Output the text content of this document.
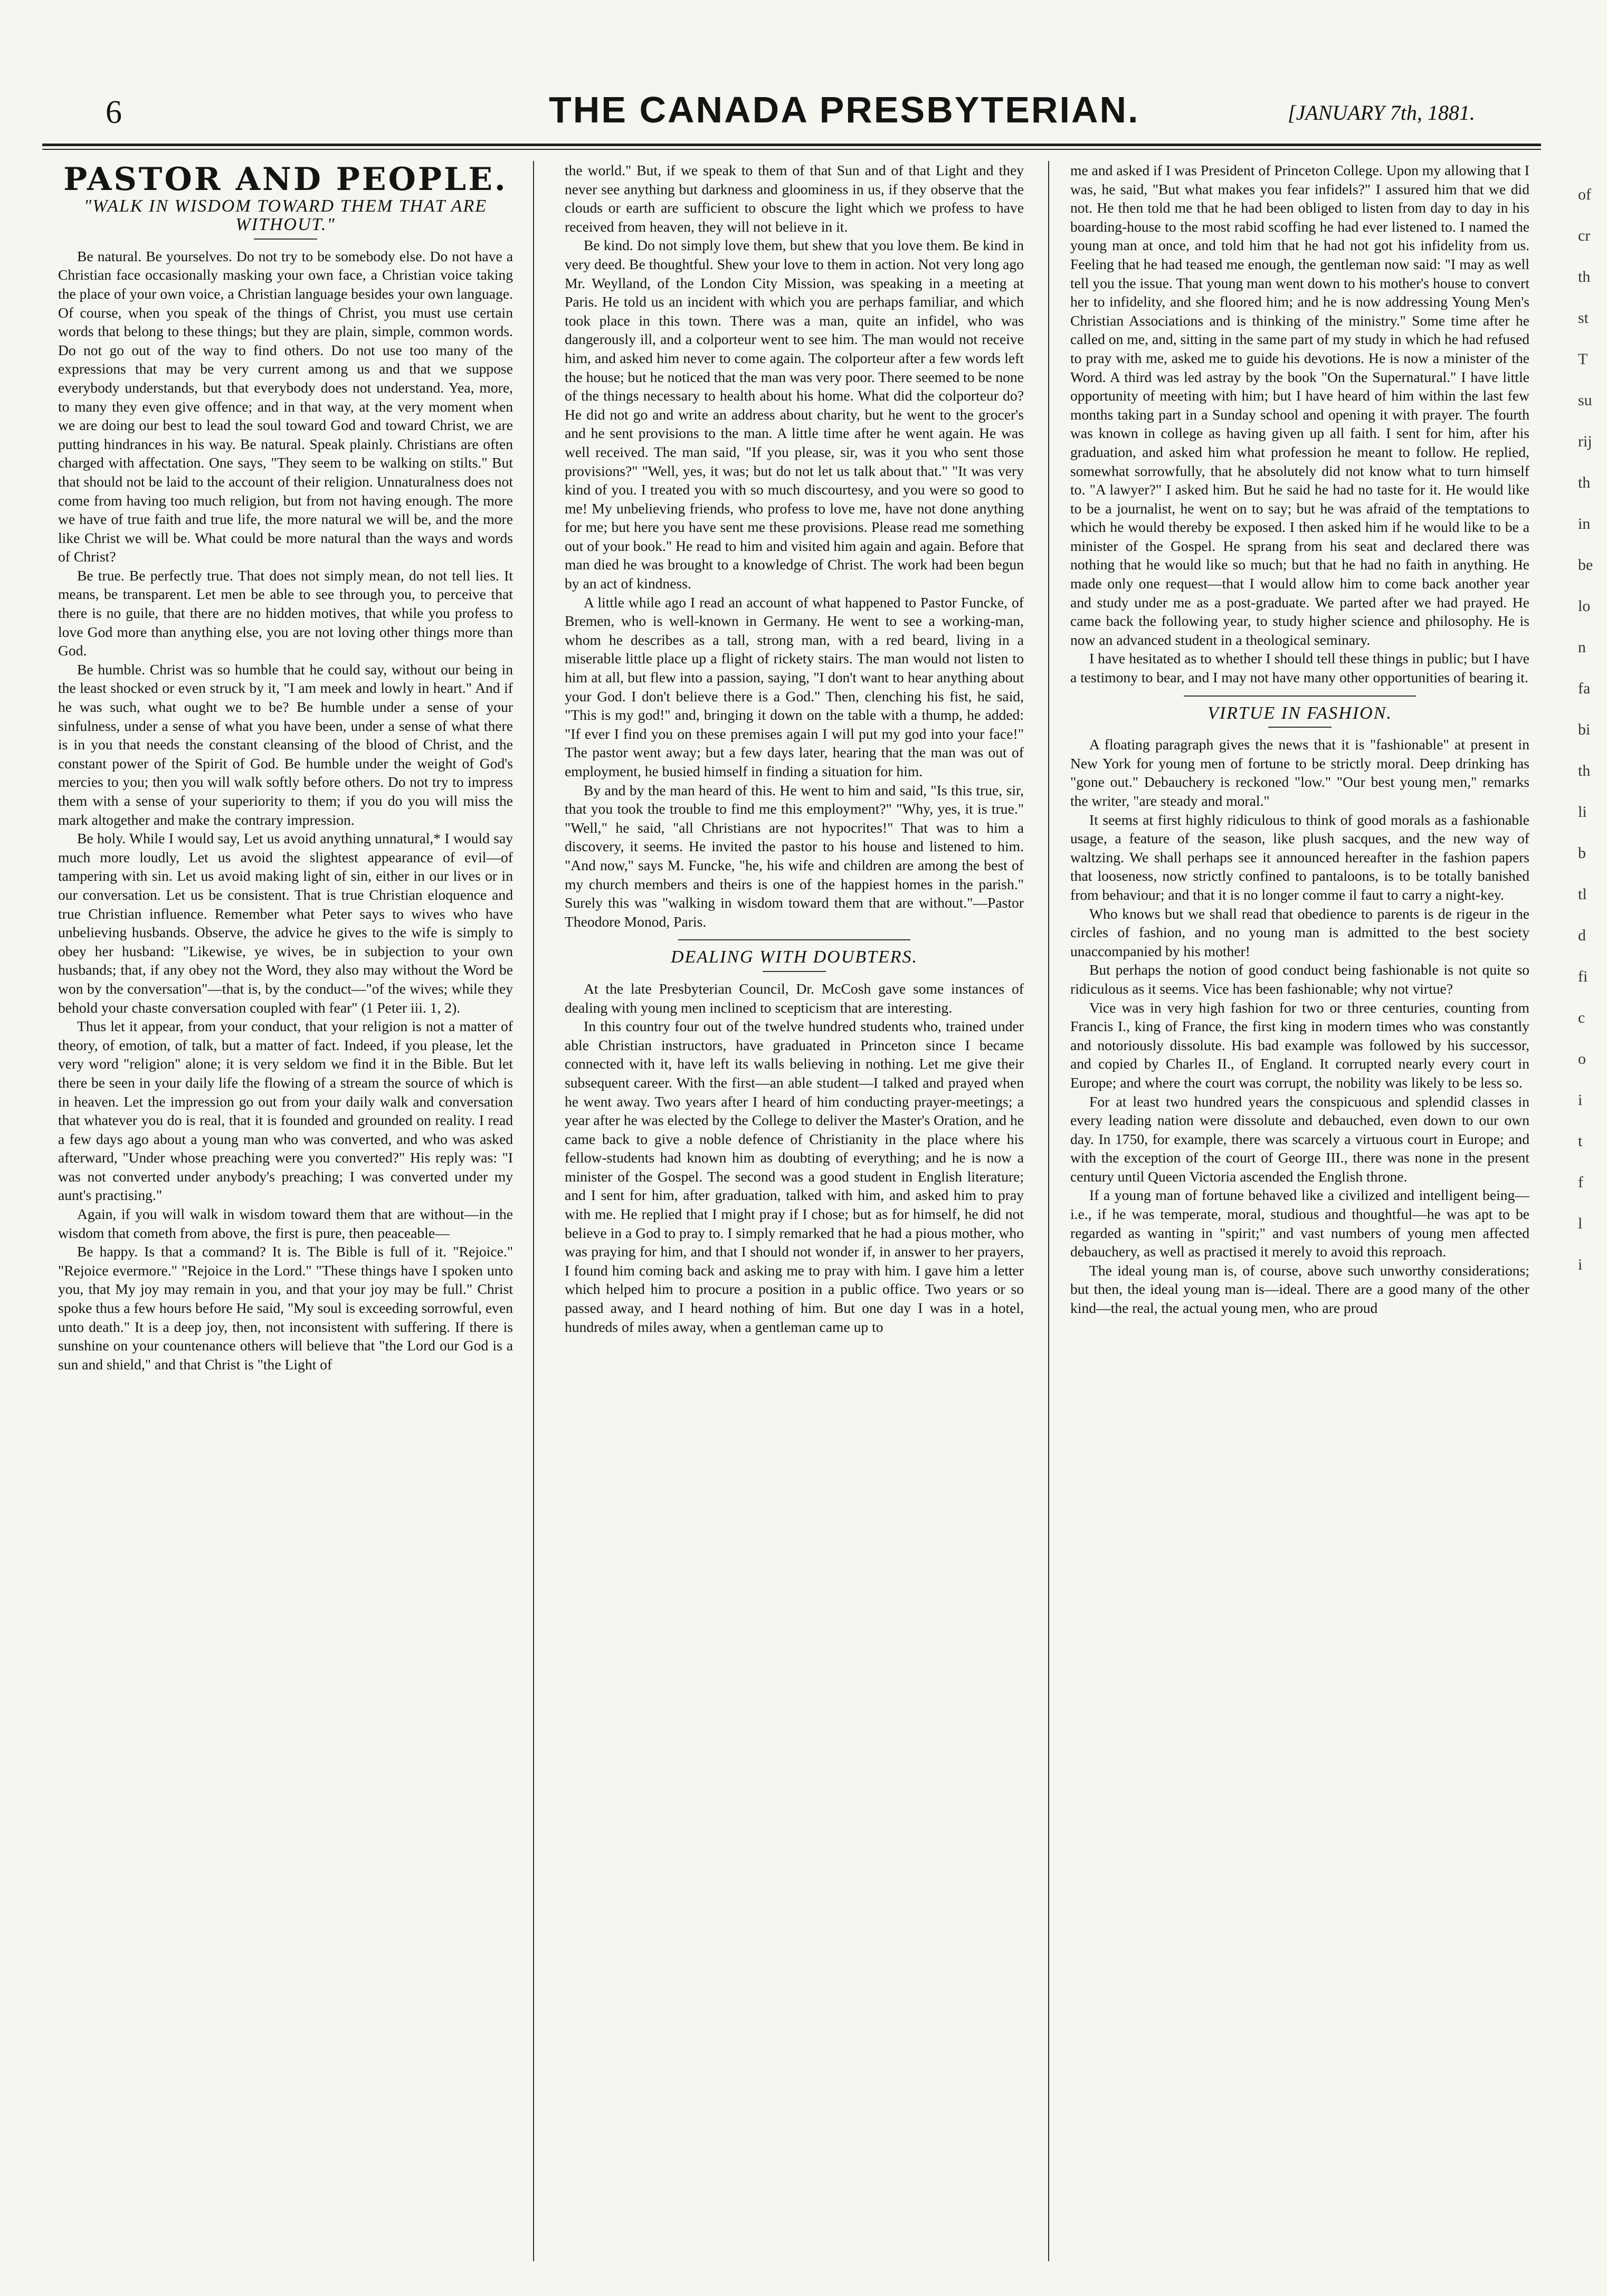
6	THE CANADA PRESBYTERIAN.	[JANUARY 7th, 1881.
PASTOR AND PEOPLE.
"WALK IN WISDOM TOWARD THEM THAT ARE WITHOUT."

Be natural. Be yourselves. Do not try to be somebody else. Do not have a Christian face occasionally masking your own face, a Christian voice taking the place of your own voice, a Christian language besides your own language. Of course, when you speak of the things of Christ, you must use certain words that belong to these things; but they are plain, simple, common words. Do not go out of the way to find others. Do not use too many of the expressions that may be very current among us and that we suppose everybody understands, but that everybody does not understand. Yea, more, to many they even give offence; and in that way, at the very moment when we are doing our best to lead the soul toward God and toward Christ, we are putting hindrances in his way. Be natural. Speak plainly. Christians are often charged with affectation. One says, "They seem to be walking on stilts." But that should not be laid to the account of their religion. Unnaturalness does not come from having too much religion, but from not having enough. The more we have of true faith and true life, the more natural we will be, and the more like Christ we will be. What could be more natural than the ways and words of Christ?

Be true. Be perfectly true. That does not simply mean, do not tell lies. It means, be transparent. Let men be able to see through you, to perceive that there is no guile, that there are no hidden motives, that while you profess to love God more than anything else, you are not loving other things more than God.

Be humble. Christ was so humble that he could say, without our being in the least shocked or even struck by it, "I am meek and lowly in heart." And if he was such, what ought we to be? Be humble under a sense of your sinfulness, under a sense of what you have been, under a sense of what there is in you that needs the constant cleansing of the blood of Christ, and the constant power of the Spirit of God. Be humble under the weight of God's mercies to you; then you will walk softly before others. Do not try to impress them with a sense of your superiority to them; if you do you will miss the mark altogether and make the contrary impression.

Be holy. While I would say, Let us avoid anything unnatural,* I would say much more loudly, Let us avoid the slightest appearance of evil—of tampering with sin. Let us avoid making light of sin, either in our lives or in our conversation. Let us be consistent. That is true Christian eloquence and true Christian influence. Remember what Peter says to wives who have unbelieving husbands. Observe, the advice he gives to the wife is simply to obey her husband: "Likewise, ye wives, be in subjection to your own husbands; that, if any obey not the Word, they also may without the Word be won by the conversation"—that is, by the conduct—"of the wives; while they behold your chaste conversation coupled with fear" (1 Peter iii. 1, 2).

Thus let it appear, from your conduct, that your religion is not a matter of theory, of emotion, of talk, but a matter of fact. Indeed, if you please, let the very word "religion" alone; it is very seldom we find it in the Bible. But let there be seen in your daily life the flowing of a stream the source of which is in heaven. Let the impression go out from your daily walk and conversation that whatever you do is real, that it is founded and grounded on reality. I read a few days ago about a young man who was converted, and who was asked afterward, "Under whose preaching were you converted?" His reply was: "I was not converted under anybody's preaching; I was converted under my aunt's practising."

Again, if you will walk in wisdom toward them that are without—in the wisdom that cometh from above, the first is pure, then peaceable—

Be happy. Is that a command? It is. The Bible is full of it. "Rejoice." "Rejoice evermore." "Rejoice in the Lord." "These things have I spoken unto you, that My joy may remain in you, and that your joy may be full." Christ spoke thus a few hours before He said, "My soul is exceeding sorrowful, even unto death." It is a deep joy, then, not inconsistent with suffering. If there is sunshine on your countenance others will believe that "the Lord our God is a sun and shield," and that Christ is "the Light of

the world." But, if we speak to them of that Sun and of that Light and they never see anything but darkness and gloominess in us, if they observe that the clouds or earth are sufficient to obscure the light which we profess to have received from heaven, they will not believe in it.

Be kind. Do not simply love them, but shew that you love them. Be kind in very deed. Be thoughtful. Shew your love to them in action. Not very long ago Mr. Weylland, of the London City Mission, was speaking in a meeting at Paris. He told us an incident with which you are perhaps familiar, and which took place in this town. There was a man, quite an infidel, who was dangerously ill, and a colporteur went to see him. The man would not receive him, and asked him never to come again. The colporteur after a few words left the house; but he noticed that the man was very poor. There seemed to be none of the things necessary to health about his home. What did the colporteur do? He did not go and write an address about charity, but he went to the grocer's and he sent provisions to the man. A little time after he went again. He was well received. The man said, "If you please, sir, was it you who sent those provisions?" "Well, yes, it was; but do not let us talk about that." "It was very kind of you. I treated you with so much discourtesy, and you were so good to me! My unbelieving friends, who profess to love me, have not done anything for me; but here you have sent me these provisions. Please read me something out of your book." He read to him and visited him again and again. Before that man died he was brought to a knowledge of Christ. The work had been begun by an act of kindness.

A little while ago I read an account of what happened to Pastor Funcke, of Bremen, who is well-known in Germany. He went to see a working-man, whom he describes as a tall, strong man, with a red beard, living in a miserable little place up a flight of rickety stairs. The man would not listen to him at all, but flew into a passion, saying, "I don't want to hear anything about your God. I don't believe there is a God." Then, clenching his fist, he said, "This is my god!" and, bringing it down on the table with a thump, he added: "If ever I find you on these premises again I will put my god into your face!" The pastor went away; but a few days later, hearing that the man was out of employment, he busied himself in finding a situation for him.

By and by the man heard of this. He went to him and said, "Is this true, sir, that you took the trouble to find me this employment?" "Why, yes, it is true." "Well," he said, "all Christians are not hypocrites!" That was to him a discovery, it seems. He invited the pastor to his house and listened to him. "And now," says M. Funcke, "he, his wife and children are among the best of my church members and theirs is one of the happiest homes in the parish." Surely this was "walking in wisdom toward them that are without."—Pastor Theodore Monod, Paris.

DEALING WITH DOUBTERS.

At the late Presbyterian Council, Dr. McCosh gave some instances of dealing with young men inclined to scepticism that are interesting.

In this country four out of the twelve hundred students who, trained under able Christian instructors, have graduated in Princeton since I became connected with it, have left its walls believing in nothing. Let me give their subsequent career. With the first—an able student—I talked and prayed when he went away. Two years after I heard of him conducting prayer-meetings; a year after he was elected by the College to deliver the Master's Oration, and he came back to give a noble defence of Christianity in the place where his fellow-students had known him as doubting of everything; and he is now a minister of the Gospel. The second was a good student in English literature; and I sent for him, after graduation, talked with him, and asked him to pray with me. He replied that I might pray if I chose; but as for himself, he did not believe in a God to pray to. I simply remarked that he had a pious mother, who was praying for him, and that I should not wonder if, in answer to her prayers, I found him coming back and asking me to pray with him. I gave him a letter which helped him to procure a position in a public office. Two years or so passed away, and I heard nothing of him. But one day I was in a hotel, hundreds of miles away, when a gentleman came up to

me and asked if I was President of Princeton College. Upon my allowing that I was, he said, "But what makes you fear infidels?" I assured him that we did not. He then told me that he had been obliged to listen from day to day in his boarding-house to the most rabid scoffing he had ever listened to. I named the young man at once, and told him that he had not got his infidelity from us. Feeling that he had teased me enough, the gentleman now said: "I may as well tell you the issue. That young man went down to his mother's house to convert her to infidelity, and she floored him; and he is now addressing Young Men's Christian Associations and is thinking of the ministry." Some time after he called on me, and, sitting in the same part of my study in which he had refused to pray with me, asked me to guide his devotions. He is now a minister of the Word. A third was led astray by the book "On the Supernatural." I have little opportunity of meeting with him; but I have heard of him within the last few months taking part in a Sunday school and opening it with prayer. The fourth was known in college as having given up all faith. I sent for him, after his graduation, and asked him what profession he meant to follow. He replied, somewhat sorrowfully, that he absolutely did not know what to turn himself to. "A lawyer?" I asked him. But he said he had no taste for it. He would like to be a journalist, he went on to say; but he was afraid of the temptations to which he would thereby be exposed. I then asked him if he would like to be a minister of the Gospel. He sprang from his seat and declared there was nothing that he would like so much; but that he had no faith in anything. He made only one request—that I would allow him to come back another year and study under me as a post-graduate. We parted after we had prayed. He came back the following year, to study higher science and philosophy. He is now an advanced student in a theological seminary.

I have hesitated as to whether I should tell these things in public; but I have a testimony to bear, and I may not have many other opportunities of bearing it.

VIRTUE IN FASHION.

A floating paragraph gives the news that it is "fashionable" at present in New York for young men of fortune to be strictly moral. Deep drinking has "gone out." Debauchery is reckoned "low." "Our best young men," remarks the writer, "are steady and moral."

It seems at first highly ridiculous to think of good morals as a fashionable usage, a feature of the season, like plush sacques, and the new way of waltzing. We shall perhaps see it announced hereafter in the fashion papers that looseness, now strictly confined to pantaloons, is to be totally banished from behaviour; and that it is no longer comme il faut to carry a night-key.

Who knows but we shall read that obedience to parents is de rigeur in the circles of fashion, and no young man is admitted to the best society unaccompanied by his mother!

But perhaps the notion of good conduct being fashionable is not quite so ridiculous as it seems. Vice has been fashionable; why not virtue?

Vice was in very high fashion for two or three centuries, counting from Francis I., king of France, the first king in modern times who was constantly and notoriously dissolute. His bad example was followed by his successor, and copied by Charles II., of England. It corrupted nearly every court in Europe; and where the court was corrupt, the nobility was likely to be less so.

For at least two hundred years the conspicuous and splendid classes in every leading nation were dissolute and debauched, even down to our own day. In 1750, for example, there was scarcely a virtuous court in Europe; and with the exception of the court of George III., there was none in the present century until Queen Victoria ascended the English throne.

If a young man of fortune behaved like a civilized and intelligent being—i.e., if he was temperate, moral, studious and thoughtful—he was apt to be regarded as wanting in "spirit;" and vast numbers of young men affected debauchery, as well as practised it merely to avoid this reproach.

The ideal young man is, of course, above such unworthy considerations; but then, the ideal young man is—ideal. There are a good many of the other kind—the real, the actual young men, who are proud

of
cr
th
st
T
su
rij
th
in
be
lo
n
fa
bi
th
li
b
tl
d
fi
c
o
i
t
f
l
i
